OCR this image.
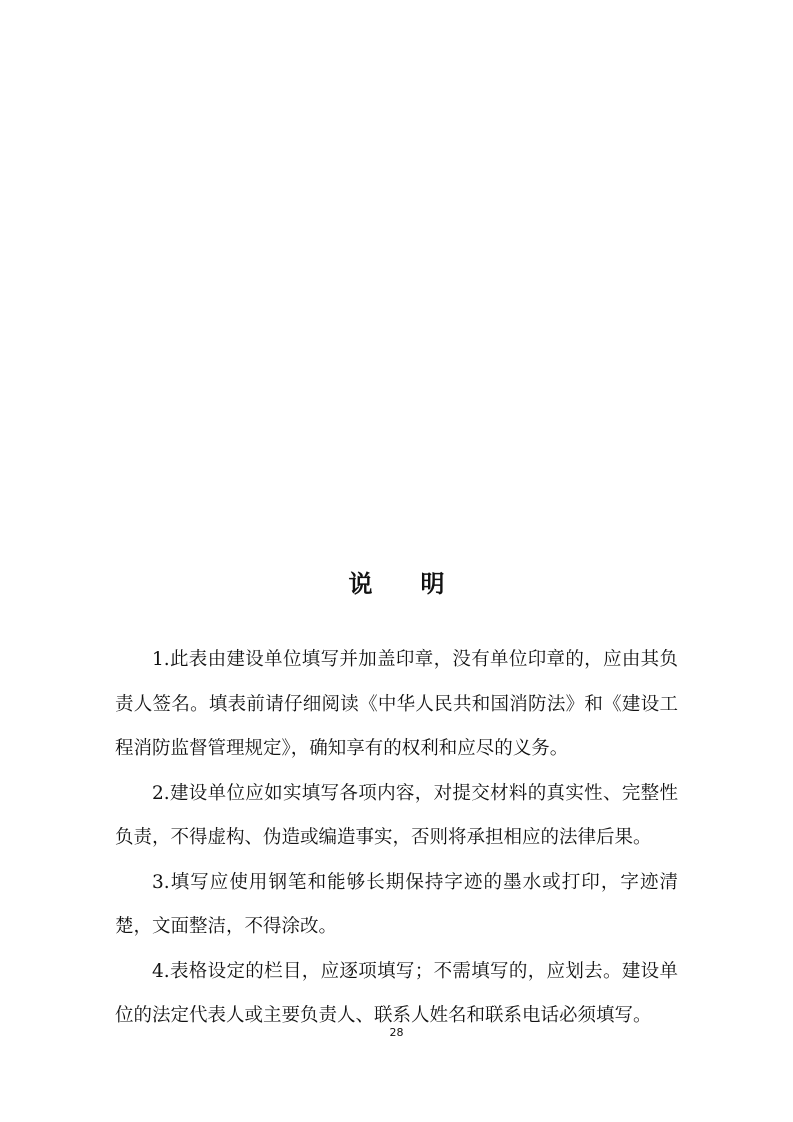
说明

1.此表由建设单位填写并加盖印章，没有单位印章的，应由其负责人签名。填表前请仔细阅读《中华人民共和国消防法》和《建设工程消防监督管理规定》，确知享有的权利和应尽的义务。

2.建设单位应如实填写各项内容，对提交材料的真实性、完整性负责，不得虚构、伪造或编造事实，否则将承担相应的法律后果。

3.填写应使用钢笔和能够长期保持字迹的墨水或打印，字迹清楚，文面整洁，不得涂改。

4.表格设定的栏目，应逐项填写；不需填写的，应划去。建设单位的法定代表人或主要负责人、联系人姓名和联系电话必须填写。

28
